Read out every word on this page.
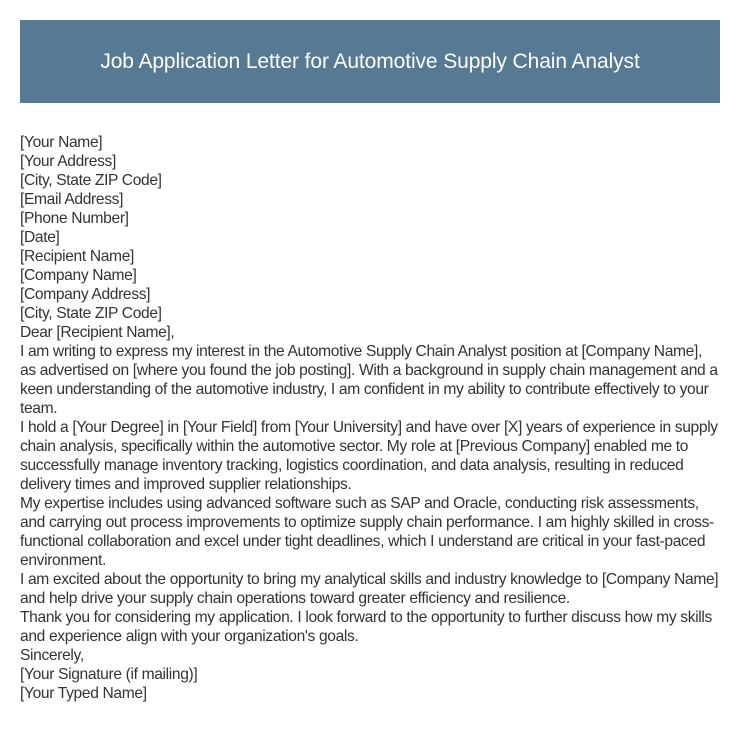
Job Application Letter for Automotive Supply Chain Analyst

[Your Name]

[Your Address]

[City, State ZIP Code]

[Email Address]

[Phone Number]

[Date]

[Recipient Name]

[Company Name]

[Company Address]

[City, State ZIP Code]

Dear [Recipient Name],

I am writing to express my interest in the Automotive Supply Chain Analyst position at [Company Name], as advertised on [where you found the job posting]. With a background in supply chain management and a keen understanding of the automotive industry, I am confident in my ability to contribute effectively to your team.

I hold a [Your Degree] in [Your Field] from [Your University] and have over [X] years of experience in supply chain analysis, specifically within the automotive sector. My role at [Previous Company] enabled me to successfully manage inventory tracking, logistics coordination, and data analysis, resulting in reduced delivery times and improved supplier relationships.

My expertise includes using advanced software such as SAP and Oracle, conducting risk assessments, and carrying out process improvements to optimize supply chain performance. I am highly skilled in cross-functional collaboration and excel under tight deadlines, which I understand are critical in your fast-paced environment.

I am excited about the opportunity to bring my analytical skills and industry knowledge to [Company Name] and help drive your supply chain operations toward greater efficiency and resilience.

Thank you for considering my application. I look forward to the opportunity to further discuss how my skills and experience align with your organization's goals.

Sincerely,

[Your Signature (if mailing)]

[Your Typed Name]
